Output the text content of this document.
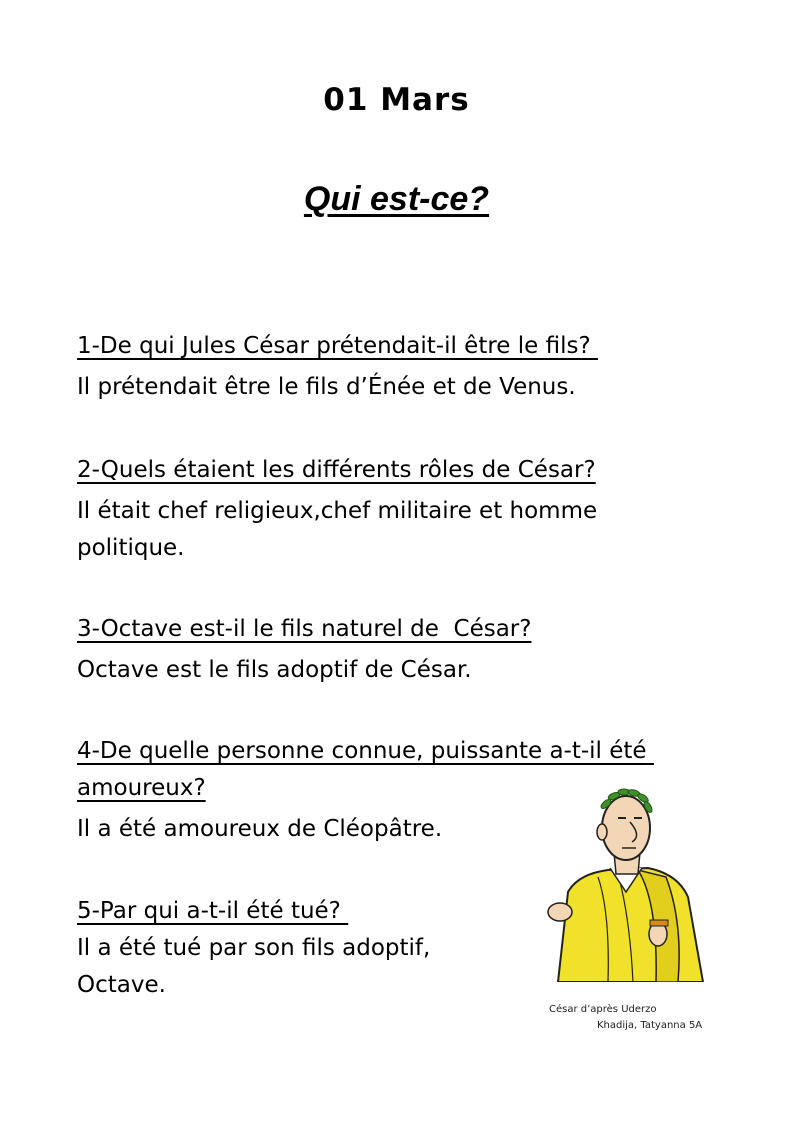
01 Mars
Qui est-ce?
1-De qui Jules César prétendait-il être le fils?
Il prétendait être le fils d’Énée et de Venus.
2-Quels étaient les différents rôles de César?
Il était chef religieux,chef militaire et homme politique.
3-Octave est-il le fils naturel de  César?
Octave est le fils adoptif de César.
4-De quelle personne connue, puissante a-t-il été amoureux?
Il a été amoureux de Cléopâtre.
5-Par qui a-t-il été tué?
Il a été tué par son fils adoptif, Octave.
César d’après Uderzo
Khadija, Tatyanna 5A
